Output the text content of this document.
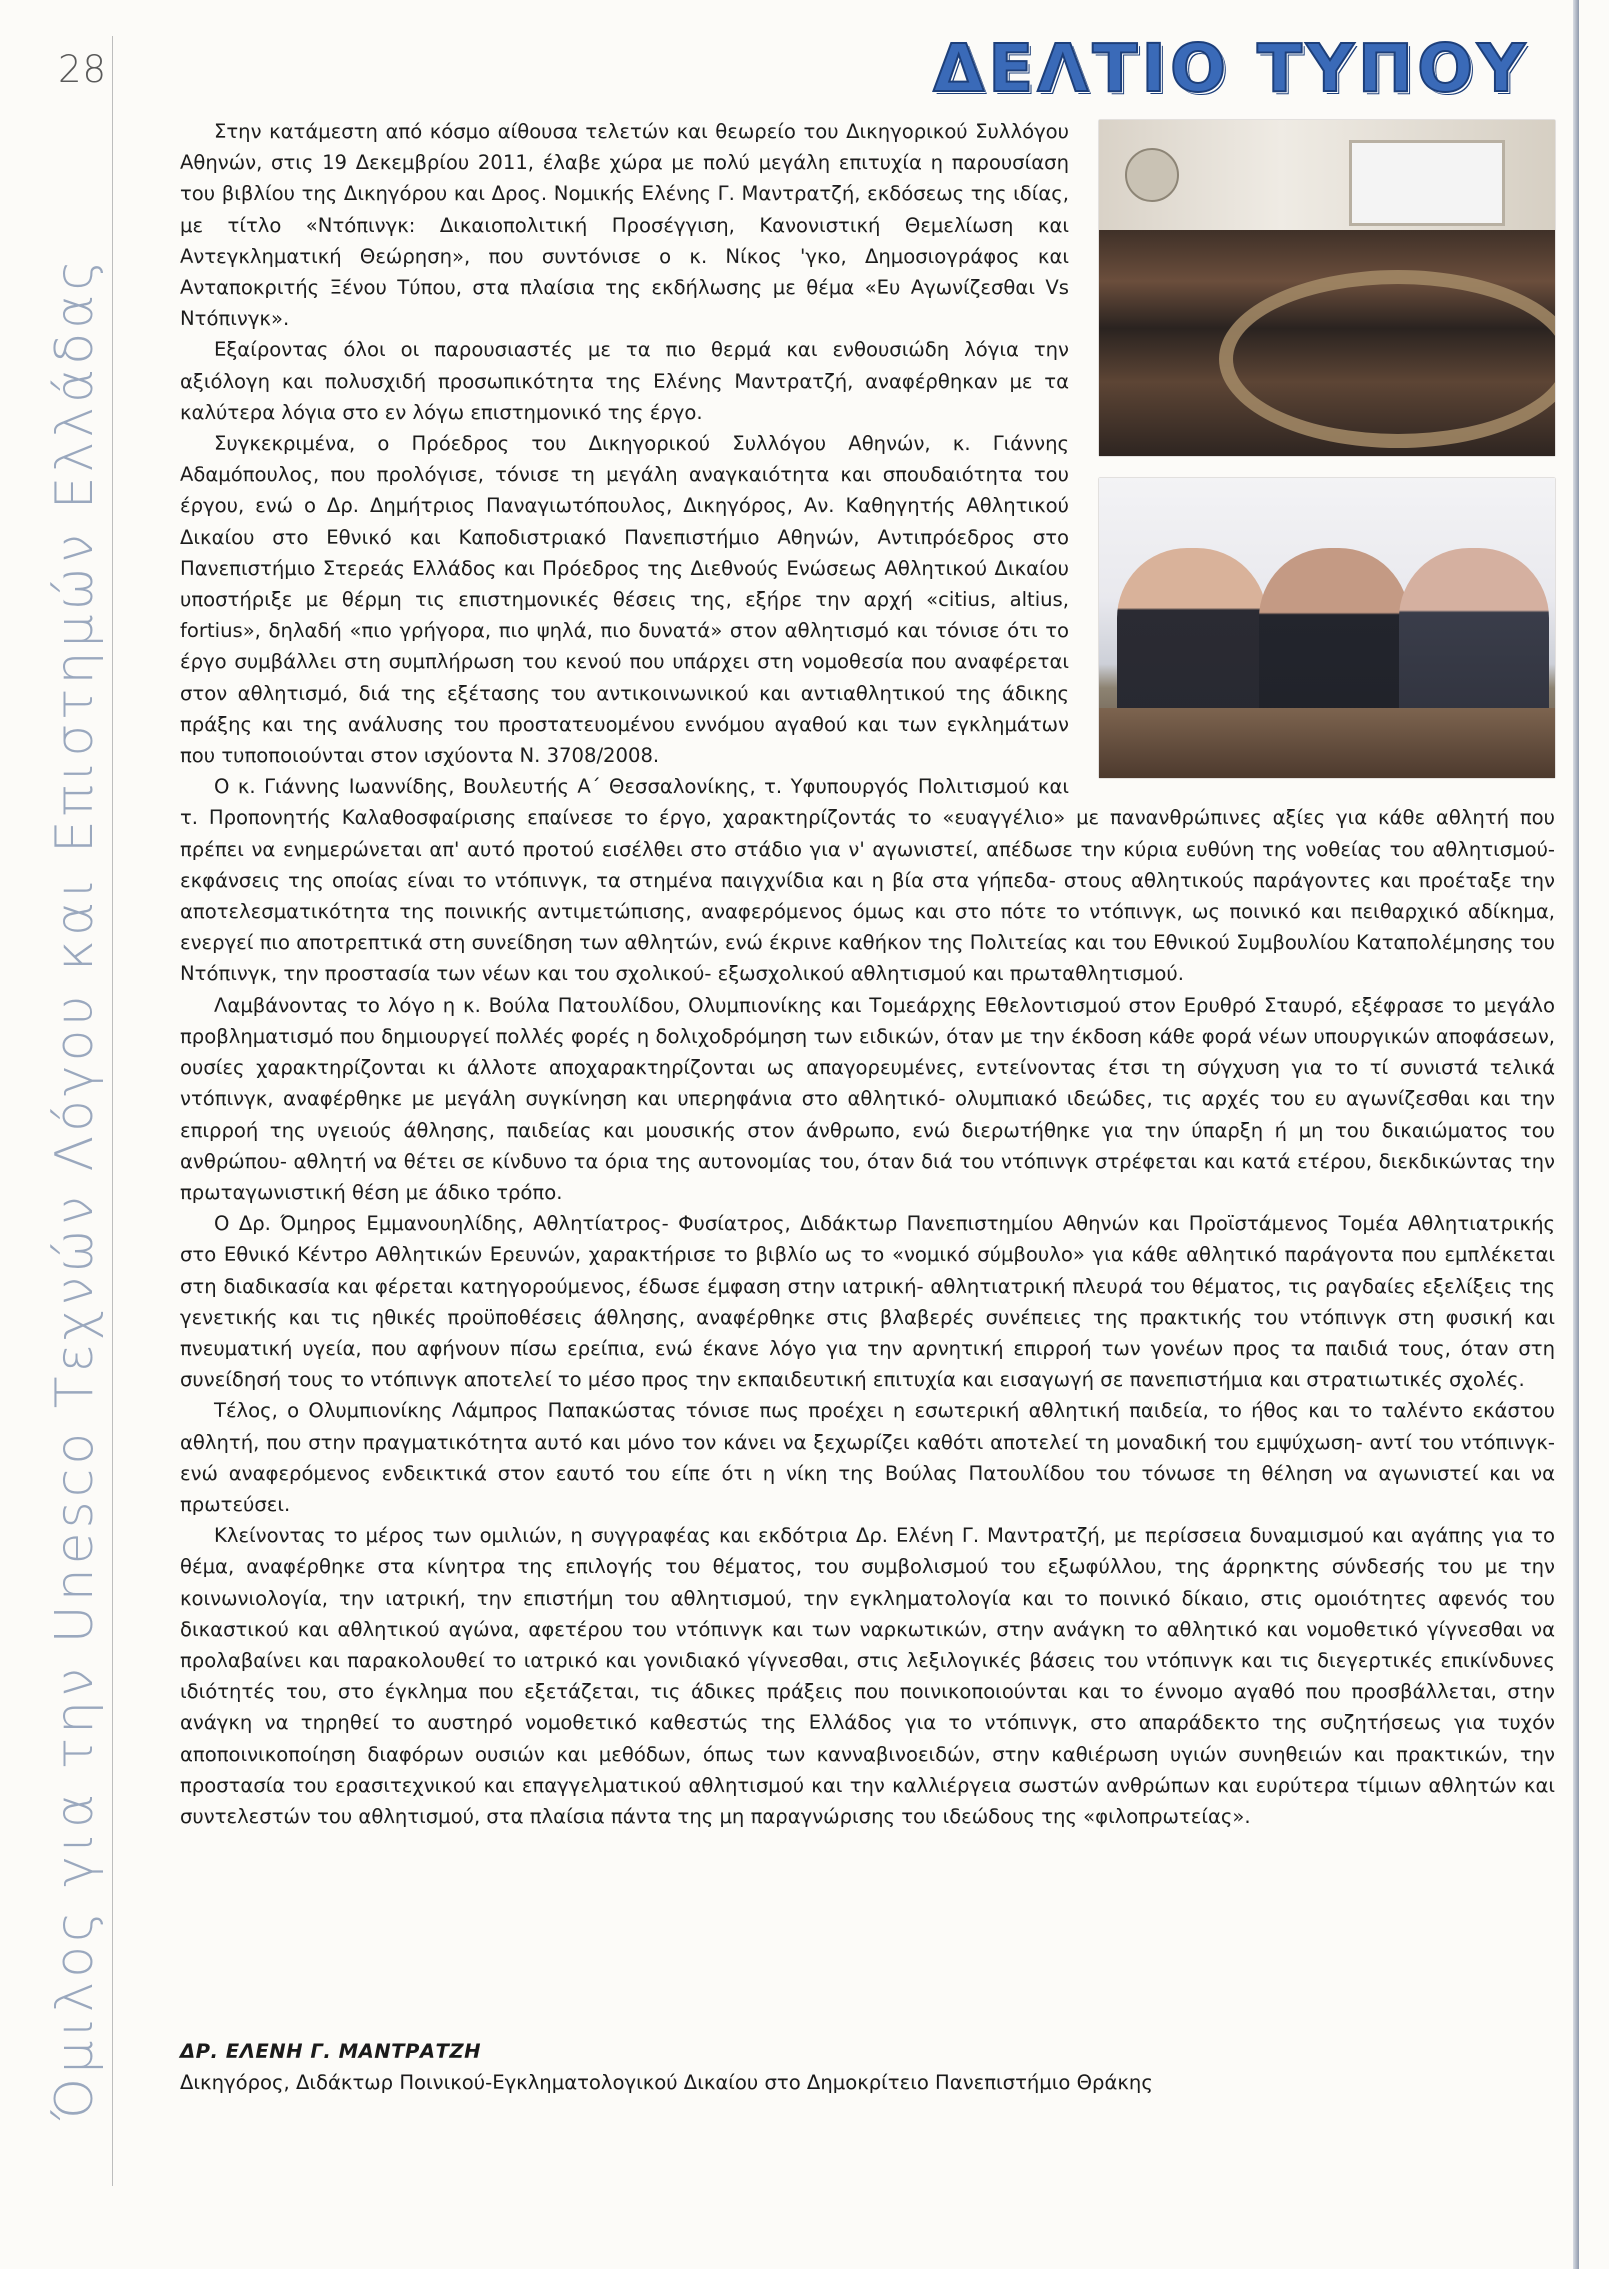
28
Όμιλος για την Unesco Τεχνών Λόγου και Επιστημών Ελλάδας
ΔΕΛΤΙΟ ΤΥΠΟΥ

Στην κατάμεστη από κόσμο αίθουσα τελετών και θεωρείο του Δικηγορικού Συλλόγου Αθηνών, στις 19 Δεκεμβρίου 2011, έλαβε χώρα με πολύ μεγάλη επιτυχία η παρουσίαση του βιβλίου της Δικηγόρου και Δρος. Νομικής Ελένης Γ. Μαντρατζή, εκδόσεως της ιδίας, με τίτλο «Ντόπινγκ: Δικαιοπολιτική Προσέγγιση, Κανονιστική Θεμελίωση και Αντεγκληματική Θεώρηση», που συντόνισε ο κ. Νίκος 'γκο, Δημοσιογράφος και Ανταποκριτής Ξένου Τύπου, στα πλαίσια της εκδήλωσης με θέμα «Ευ Αγωνίζεσθαι Vs Ντόπινγκ».

Εξαίροντας όλοι οι παρουσιαστές με τα πιο θερμά και ενθουσιώδη λόγια την αξιόλογη και πολυσχιδή προσωπικότητα της Ελένης Μαντρατζή, αναφέρθηκαν με τα καλύτερα λόγια στο εν λόγω επιστημονικό της έργο.

Συγκεκριμένα, ο Πρόεδρος του Δικηγορικού Συλλόγου Αθηνών, κ. Γιάννης Αδαμόπουλος, που προλόγισε, τόνισε τη μεγάλη αναγκαιότητα και σπουδαιότητα του έργου, ενώ ο Δρ. Δημήτριος Παναγιωτόπουλος, Δικηγόρος, Αν. Καθηγητής Αθλητικού Δικαίου στο Εθνικό και Καποδιστριακό Πανεπιστήμιο Αθηνών, Αντιπρόεδρος στο Πανεπιστήμιο Στερεάς Ελλάδος και Πρόεδρος της Διεθνούς Ενώσεως Αθλητικού Δικαίου υποστήριξε με θέρμη τις επιστημονικές θέσεις της, εξήρε την αρχή «citius, altius, fortius», δηλαδή «πιο γρήγορα, πιο ψηλά, πιο δυνατά» στον αθλητισμό και τόνισε ότι το έργο συμβάλλει στη συμπλήρωση του κενού που υπάρχει στη νομοθεσία που αναφέρεται στον αθλητισμό, διά της εξέτασης του αντικοινωνικού και αντιαθλητικού της άδικης πράξης και της ανάλυσης του προστατευομένου εννόμου αγαθού και των εγκλημάτων που τυποποιούνται στον ισχύοντα Ν. 3708/2008.

Ο κ. Γιάννης Ιωαννίδης, Βουλευτής Α΄ Θεσσαλονίκης, τ. Υφυπουργός Πολιτισμού και τ. Προπονητής Καλαθοσφαίρισης επαίνεσε το έργο, χαρακτηρίζοντάς το «ευαγγέλιο» με πανανθρώπινες αξίες για κάθε αθλητή που πρέπει να ενημερώνεται απ' αυτό προτού εισέλθει στο στάδιο για ν' αγωνιστεί, απέδωσε την κύρια ευθύνη της νοθείας του αθλητισμού- εκφάνσεις της οποίας είναι το ντόπινγκ, τα στημένα παιγχνίδια και η βία στα γήπεδα- στους αθλητικούς παράγοντες και προέταξε την αποτελεσματικότητα της ποινικής αντιμετώπισης, αναφερόμενος όμως και στο πότε το ντόπινγκ, ως ποινικό και πειθαρχικό αδίκημα, ενεργεί πιο αποτρεπτικά στη συνείδηση των αθλητών, ενώ έκρινε καθήκον της Πολιτείας και του Εθνικού Συμβουλίου Καταπολέμησης του Ντόπινγκ, την προστασία των νέων και του σχολικού- εξωσχολικού αθλητισμού και πρωταθλητισμού.

Λαμβάνοντας το λόγο η κ. Βούλα Πατουλίδου, Ολυμπιονίκης και Τομεάρχης Εθελοντισμού στον Ερυθρό Σταυρό, εξέφρασε το μεγάλο προβληματισμό που δημιουργεί πολλές φορές η δολιχοδρόμηση των ειδικών, όταν με την έκδοση κάθε φορά νέων υπουργικών αποφάσεων, ουσίες χαρακτηρίζονται κι άλλοτε αποχαρακτηρίζονται ως απαγορευμένες, εντείνοντας έτσι τη σύγχυση για το τί συνιστά τελικά ντόπινγκ, αναφέρθηκε με μεγάλη συγκίνηση και υπερηφάνια στο αθλητικό- ολυμπιακό ιδεώδες, τις αρχές του ευ αγωνίζεσθαι και την επιρροή της υγειούς άθλησης, παιδείας και μουσικής στον άνθρωπο, ενώ διερωτήθηκε για την ύπαρξη ή μη του δικαιώματος του ανθρώπου- αθλητή να θέτει σε κίνδυνο τα όρια της αυτονομίας του, όταν διά του ντόπινγκ στρέφεται και κατά ετέρου, διεκδικώντας την πρωταγωνιστική θέση με άδικο τρόπο.

Ο Δρ. Όμηρος Εμμανουηλίδης, Αθλητίατρος- Φυσίατρος, Διδάκτωρ Πανεπιστημίου Αθηνών και Προϊστάμενος Τομέα Αθλητιατρικής στο Εθνικό Κέντρο Αθλητικών Ερευνών, χαρακτήρισε το βιβλίο ως το «νομικό σύμβουλο» για κάθε αθλητικό παράγοντα που εμπλέκεται στη διαδικασία και φέρεται κατηγορούμενος, έδωσε έμφαση στην ιατρική- αθλητιατρική πλευρά του θέματος, τις ραγδαίες εξελίξεις της γενετικής και τις ηθικές προϋποθέσεις άθλησης, αναφέρθηκε στις βλαβερές συνέπειες της πρακτικής του ντόπινγκ στη φυσική και πνευματική υγεία, που αφήνουν πίσω ερείπια, ενώ έκανε λόγο για την αρνητική επιρροή των γονέων προς τα παιδιά τους, όταν στη συνείδησή τους το ντόπινγκ αποτελεί το μέσο προς την εκπαιδευτική επιτυχία και εισαγωγή σε πανεπιστήμια και στρατιωτικές σχολές.

Τέλος, ο Ολυμπιονίκης Λάμπρος Παπακώστας τόνισε πως προέχει η εσωτερική αθλητική παιδεία, το ήθος και το ταλέντο εκάστου αθλητή, που στην πραγματικότητα αυτό και μόνο τον κάνει να ξεχωρίζει καθότι αποτελεί τη μοναδική του εμψύχωση- αντί του ντόπινγκ- ενώ αναφερόμενος ενδεικτικά στον εαυτό του είπε ότι η νίκη της Βούλας Πατουλίδου του τόνωσε τη θέληση να αγωνιστεί και να πρωτεύσει.

Κλείνοντας το μέρος των ομιλιών, η συγγραφέας και εκδότρια Δρ. Ελένη Γ. Μαντρατζή, με περίσσεια δυναμισμού και αγάπης για το θέμα, αναφέρθηκε στα κίνητρα της επιλογής του θέματος, του συμβολισμού του εξωφύλλου, της άρρηκτης σύνδεσής του με την κοινωνιολογία, την ιατρική, την επιστήμη του αθλητισμού, την εγκληματολογία και το ποινικό δίκαιο, στις ομοιότητες αφενός του δικαστικού και αθλητικού αγώνα, αφετέρου του ντόπινγκ και των ναρκωτικών, στην ανάγκη το αθλητικό και νομοθετικό γίγνεσθαι να προλαβαίνει και παρακολουθεί το ιατρικό και γονιδιακό γίγνεσθαι, στις λεξιλογικές βάσεις του ντόπινγκ και τις διεγερτικές επικίνδυνες ιδιότητές του, στο έγκλημα που εξετάζεται, τις άδικες πράξεις που ποινικοποιούνται και το έννομο αγαθό που προσβάλλεται, στην ανάγκη να τηρηθεί το αυστηρό νομοθετικό καθεστώς της Ελλάδος για το ντόπινγκ, στο απαράδεκτο της συζητήσεως για τυχόν αποποινικοποίηση διαφόρων ουσιών και μεθόδων, όπως των κανναβινοειδών, στην καθιέρωση υγιών συνηθειών και πρακτικών, την προστασία του ερασιτεχνικού και επαγγελματικού αθλητισμού και την καλλιέργεια σωστών ανθρώπων και ευρύτερα τίμιων αθλητών και συντελεστών του αθλητισμού, στα πλαίσια πάντα της μη παραγνώρισης του ιδεώδους της «φιλοπρωτείας».

ΔΡ. ΕΛΕΝΗ Γ. ΜΑΝΤΡΑΤΖΗ
Δικηγόρος, Διδάκτωρ Ποινικού-Εγκληματολογικού Δικαίου στο Δημοκρίτειο Πανεπιστήμιο Θράκης
